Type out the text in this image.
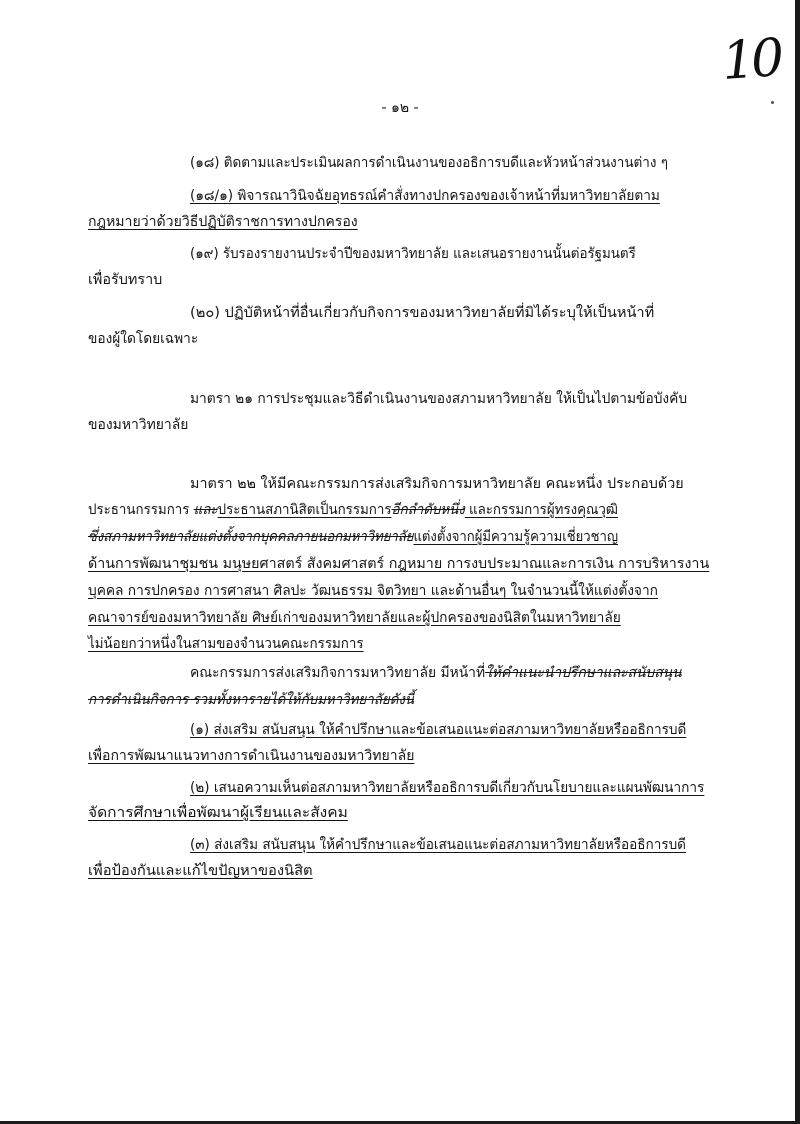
10
- ๑๒ -
(๑๘) ติดตามและประเมินผลการดำเนินงานของอธิการบดีและหัวหน้าส่วนงานต่าง ๆ
(๑๘/๑) พิจารณาวินิจฉัยอุทธรณ์คำสั่งทางปกครองของเจ้าหน้าที่มหาวิทยาลัยตาม
กฎหมายว่าด้วยวิธีปฏิบัติราชการทางปกครอง
(๑๙) รับรองรายงานประจำปีของมหาวิทยาลัย และเสนอรายงานนั้นต่อรัฐมนตรี
เพื่อรับทราบ
(๒๐) ปฏิบัติหน้าที่อื่นเกี่ยวกับกิจการของมหาวิทยาลัยที่มิได้ระบุให้เป็นหน้าที่
ของผู้ใดโดยเฉพาะ
มาตรา ๒๑ การประชุมและวิธีดำเนินงานของสภามหาวิทยาลัย ให้เป็นไปตามข้อบังคับ
ของมหาวิทยาลัย
มาตรา ๒๒ ให้มีคณะกรรมการส่งเสริมกิจการมหาวิทยาลัย คณะหนึ่ง ประกอบด้วย
ประธานกรรมการ และประธานสภานิสิตเป็นกรรมการอีกลำดับหนึ่ง และกรรมการผู้ทรงคุณวุฒิ
ซึ่งสภามหาวิทยาลัยแต่งตั้งจากบุคคลภายนอกมหาวิทยาลัยแต่งตั้งจากผู้มีความรู้ความเชี่ยวชาญ
ด้านการพัฒนาชุมชน มนุษยศาสตร์ สังคมศาสตร์ กฎหมาย การงบประมาณและการเงิน การบริหารงาน
บุคคล การปกครอง การศาสนา ศิลปะ วัฒนธรรม จิตวิทยา และด้านอื่นๆ ในจำนวนนี้ให้แต่งตั้งจาก
คณาจารย์ของมหาวิทยาลัย ศิษย์เก่าของมหาวิทยาลัยและผู้ปกครองของนิสิตในมหาวิทยาลัย
ไม่น้อยกว่าหนึ่งในสามของจำนวนคณะกรรมการ
คณะกรรมการส่งเสริมกิจการมหาวิทยาลัย มีหน้าที่ให้คำแนะนำปรึกษาและสนับสนุน
การดำเนินกิจการ รวมทั้งหารายได้ให้กับมหาวิทยาลัยดังนี้
(๑) ส่งเสริม สนับสนุน ให้คำปรึกษาและข้อเสนอแนะต่อสภามหาวิทยาลัยหรืออธิการบดี
เพื่อการพัฒนาแนวทางการดำเนินงานของมหาวิทยาลัย
(๒) เสนอความเห็นต่อสภามหาวิทยาลัยหรืออธิการบดีเกี่ยวกับนโยบายและแผนพัฒนาการ
จัดการศึกษาเพื่อพัฒนาผู้เรียนและสังคม
(๓) ส่งเสริม สนับสนุน ให้คำปรึกษาและข้อเสนอแนะต่อสภามหาวิทยาลัยหรืออธิการบดี
เพื่อป้องกันและแก้ไขปัญหาของนิสิต
